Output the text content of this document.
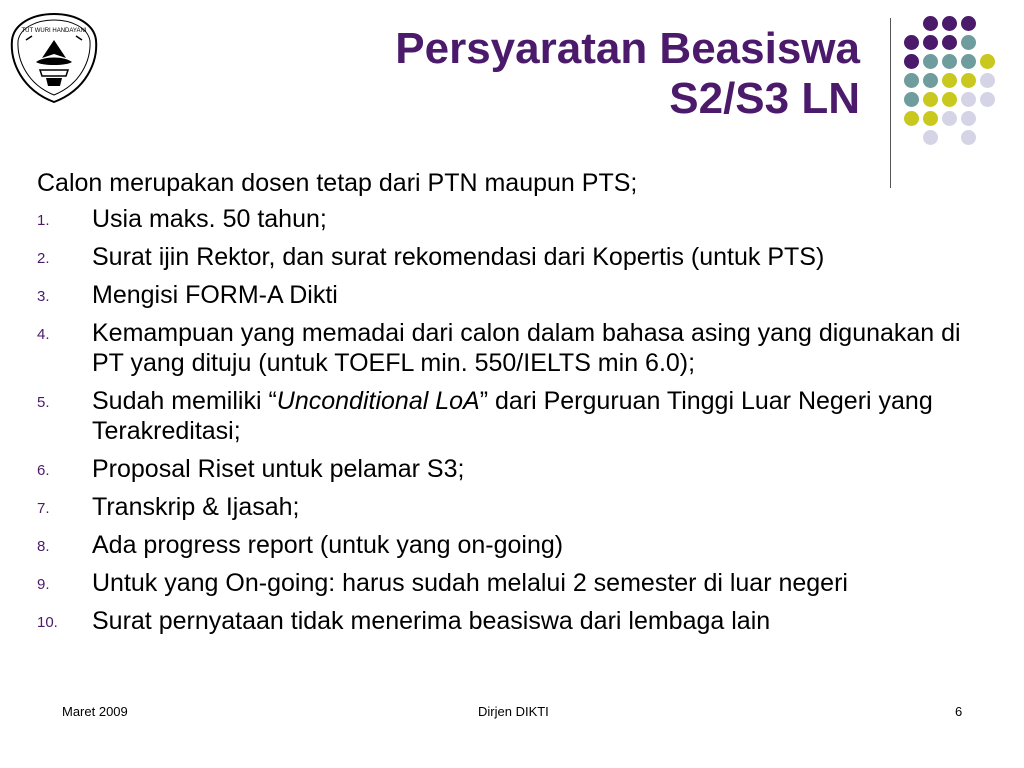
TUT WURI HANDAYANI	Persyaratan Beasiswa
S2/S3 LN

Calon merupakan dosen tetap dari PTN maupun PTS;

1. Usia maks. 50 tahun;
2. Surat ijin Rektor, dan surat rekomendasi dari Kopertis (untuk PTS)
3. Mengisi FORM-A Dikti
4. Kemampuan yang memadai dari calon dalam bahasa asing yang digunakan di PT yang dituju (untuk TOEFL min. 550/IELTS min 6.0);
5. Sudah memiliki “Unconditional LoA” dari Perguruan Tinggi Luar Negeri yang Terakreditasi;
6. Proposal Riset untuk pelamar S3;
7. Transkrip & Ijasah;
8. Ada progress report (untuk yang on-going)
9. Untuk yang On-going: harus sudah melalui 2 semester di luar negeri
10. Surat pernyataan tidak menerima beasiswa dari lembaga lain
Maret 2009	Dirjen DIKTI	6
